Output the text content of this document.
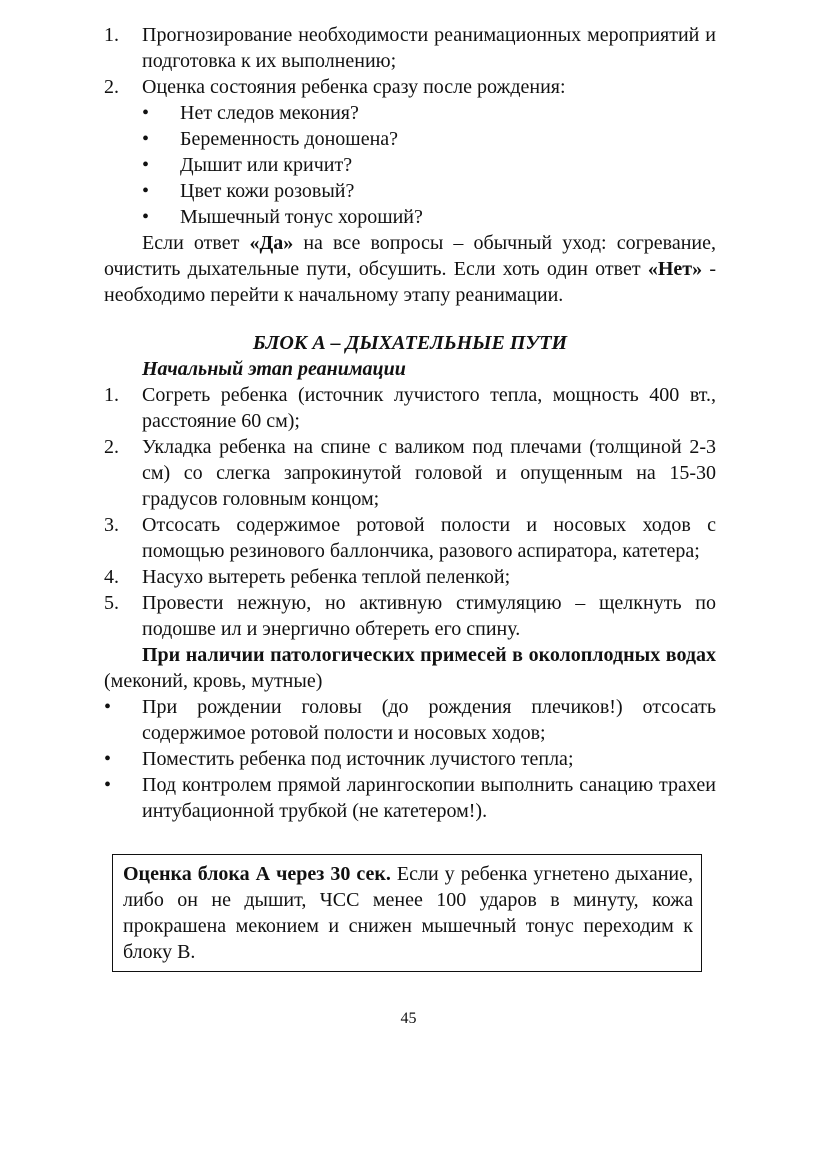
1. Прогнозирование необходимости реанимационных мероприятий и подготовка к их выполнению;
2. Оценка состояния ребенка сразу после рождения:
• Нет следов мекония?
• Беременность доношена?
• Дышит или кричит?
• Цвет кожи розовый?
• Мышечный тонус хороший?
Если ответ «Да» на все вопросы – обычный уход: согревание, очистить дыхательные пути, обсушить. Если хоть один ответ «Нет» - необходимо перейти к начальному этапу реанимации.
БЛОК А – ДЫХАТЕЛЬНЫЕ ПУТИ
Начальный этап реанимации
1. Согреть ребенка (источник лучистого тепла, мощность 400 вт., расстояние 60 см);
2. Укладка ребенка на спине с валиком под плечами (толщиной 2-3 см) со слегка запрокинутой головой и опущенным на 15-30 градусов головным концом;
3. Отсосать содержимое ротовой полости и носовых ходов с помощью резинового баллончика, разового аспиратора, катетера;
4. Насухо вытереть ребенка теплой пеленкой;
5. Провести нежную, но активную стимуляцию – щелкнуть по подошве ил и энергично обтереть его спину.
При наличии патологических примесей в околоплодных водах (меконий, кровь, мутные)
• При рождении головы (до рождения плечиков!) отсосать содержимое ротовой полости и носовых ходов;
• Поместить ребенка под источник лучистого тепла;
• Под контролем прямой ларингоскопии выполнить санацию трахеи интубационной трубкой (не катетером!).
Оценка блока А через 30 сек. Если у ребенка угнетено дыхание, либо он не дышит, ЧСС менее 100 ударов в минуту, кожа прокрашена меконием и снижен мышечный тонус переходим к блоку В.
45
